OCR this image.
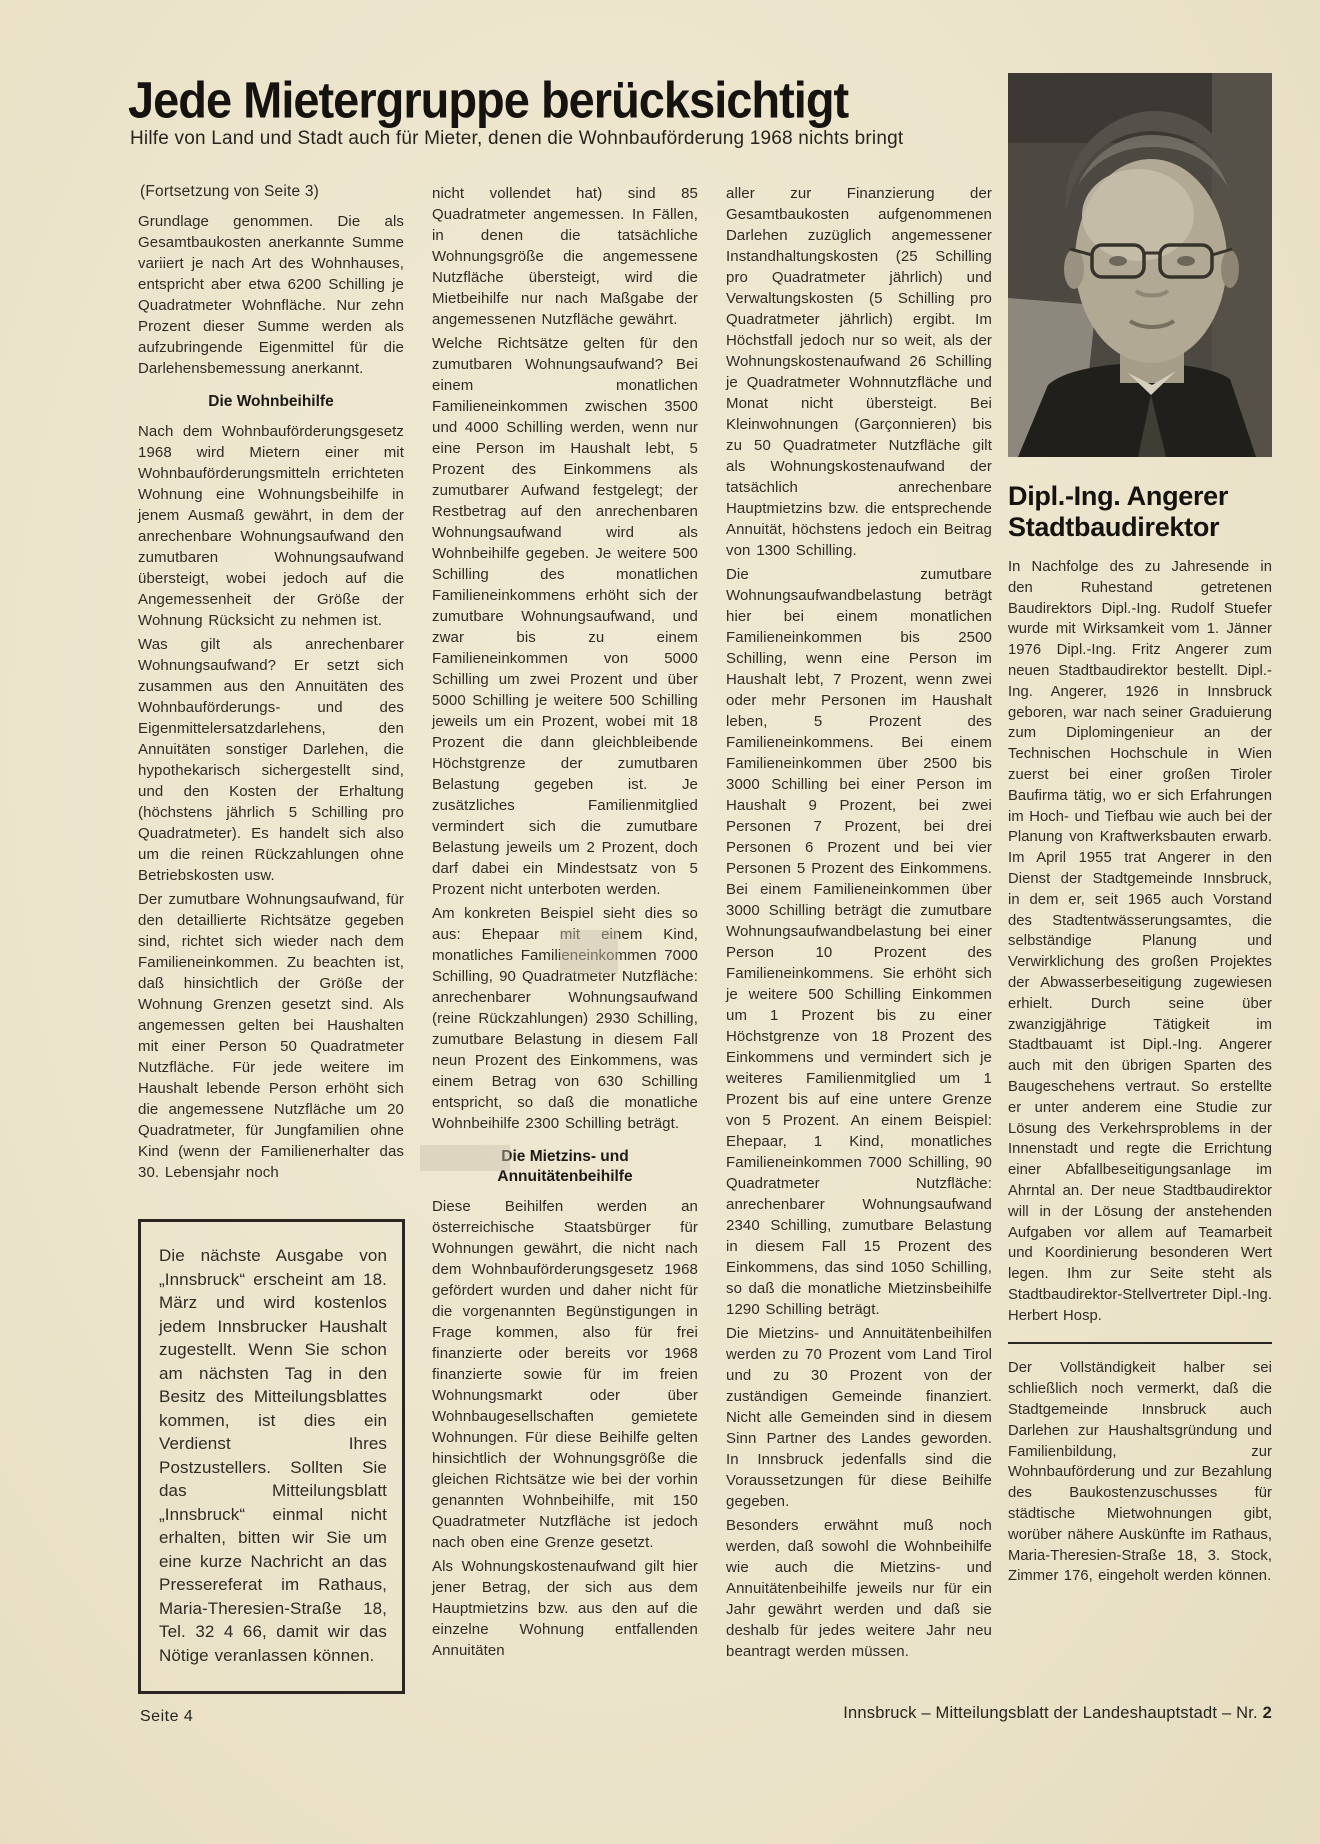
Jede Mietergruppe berücksichtigt
Hilfe von Land und Stadt auch für Mieter, denen die Wohnbauförderung 1968 nichts bringt

(Fortsetzung von Seite 3)

Grundlage genommen. Die als Gesamtbaukosten anerkannte Summe variiert je nach Art des Wohnhauses, entspricht aber etwa 6200 Schilling je Quadratmeter Wohnfläche. Nur zehn Prozent dieser Summe werden als aufzubringende Eigenmittel für die Darlehensbemessung anerkannt.

Die Wohnbeihilfe

Nach dem Wohnbauförderungsgesetz 1968 wird Mietern einer mit Wohnbauförderungsmitteln errichteten Wohnung eine Wohnungsbeihilfe in jenem Ausmaß gewährt, in dem der anrechenbare Wohnungsaufwand den zumutbaren Wohnungsaufwand übersteigt, wobei jedoch auf die Angemessenheit der Größe der Wohnung Rücksicht zu nehmen ist.

Was gilt als anrechenbarer Wohnungsaufwand? Er setzt sich zusammen aus den Annuitäten des Wohnbauförderungs- und des Eigenmittelersatzdarlehens, den Annuitäten sonstiger Darlehen, die hypothekarisch sichergestellt sind, und den Kosten der Erhaltung (höchstens jährlich 5 Schilling pro Quadratmeter). Es handelt sich also um die reinen Rückzahlungen ohne Betriebskosten usw.

Der zumutbare Wohnungsaufwand, für den detaillierte Richtsätze gegeben sind, richtet sich wieder nach dem Familieneinkommen. Zu beachten ist, daß hinsichtlich der Größe der Wohnung Grenzen gesetzt sind. Als angemessen gelten bei Haushalten mit einer Person 50 Quadratmeter Nutzfläche. Für jede weitere im Haushalt lebende Person erhöht sich die angemessene Nutzfläche um 20 Quadratmeter, für Jungfamilien ohne Kind (wenn der Familienerhalter das 30. Lebensjahr noch

Die nächste Ausgabe von „Innsbruck“ erscheint am 18. März und wird kostenlos jedem Innsbrucker Haushalt zugestellt. Wenn Sie schon am nächsten Tag in den Besitz des Mitteilungsblattes kommen, ist dies ein Verdienst Ihres Postzustellers. Sollten Sie das Mitteilungsblatt „Innsbruck“ einmal nicht erhalten, bitten wir Sie um eine kurze Nachricht an das Pressereferat im Rathaus, Maria-Theresien-Straße 18, Tel. 32 4 66, damit wir das Nötige veranlassen können.

nicht vollendet hat) sind 85 Quadratmeter angemessen. In Fällen, in denen die tatsächliche Wohnungsgröße die angemessene Nutzfläche übersteigt, wird die Mietbeihilfe nur nach Maßgabe der angemessenen Nutzfläche gewährt.

Welche Richtsätze gelten für den zumutbaren Wohnungsaufwand? Bei einem monatlichen Familieneinkommen zwischen 3500 und 4000 Schilling werden, wenn nur eine Person im Haushalt lebt, 5 Prozent des Einkommens als zumutbarer Aufwand festgelegt; der Restbetrag auf den anrechenbaren Wohnungsaufwand wird als Wohnbeihilfe gegeben. Je weitere 500 Schilling des monatlichen Familieneinkommens erhöht sich der zumutbare Wohnungsaufwand, und zwar bis zu einem Familieneinkommen von 5000 Schilling um zwei Prozent und über 5000 Schilling je weitere 500 Schilling jeweils um ein Prozent, wobei mit 18 Prozent die dann gleichbleibende Höchstgrenze der zumutbaren Belastung gegeben ist. Je zusätzliches Familienmitglied vermindert sich die zumutbare Belastung jeweils um 2 Prozent, doch darf dabei ein Mindestsatz von 5 Prozent nicht unterboten werden.

Am konkreten Beispiel sieht dies so aus: Ehepaar mit einem Kind, monatliches Familieneinkommen 7000 Schilling, 90 Quadratmeter Nutzfläche: anrechenbarer Wohnungsaufwand (reine Rückzahlungen) 2930 Schilling, zumutbare Belastung in diesem Fall neun Prozent des Einkommens, was einem Betrag von 630 Schilling entspricht, so daß die monatliche Wohnbeihilfe 2300 Schilling beträgt.

Die Mietzins- und Annuitätenbeihilfe

Diese Beihilfen werden an österreichische Staatsbürger für Wohnungen gewährt, die nicht nach dem Wohnbauförderungsgesetz 1968 gefördert wurden und daher nicht für die vorgenannten Begünstigungen in Frage kommen, also für frei finanzierte oder bereits vor 1968 finanzierte sowie für im freien Wohnungsmarkt oder über Wohnbaugesellschaften gemietete Wohnungen. Für diese Beihilfe gelten hinsichtlich der Wohnungsgröße die gleichen Richtsätze wie bei der vorhin genannten Wohnbeihilfe, mit 150 Quadratmeter Nutzfläche ist jedoch nach oben eine Grenze gesetzt.

Als Wohnungskostenaufwand gilt hier jener Betrag, der sich aus dem Hauptmietzins bzw. aus den auf die einzelne Wohnung entfallenden Annuitäten

aller zur Finanzierung der Gesamtbaukosten aufgenommenen Darlehen zuzüglich angemessener Instandhaltungskosten (25 Schilling pro Quadratmeter jährlich) und Verwaltungskosten (5 Schilling pro Quadratmeter jährlich) ergibt. Im Höchstfall jedoch nur so weit, als der Wohnungskostenaufwand 26 Schilling je Quadratmeter Wohnnutzfläche und Monat nicht übersteigt. Bei Kleinwohnungen (Garçonnieren) bis zu 50 Quadratmeter Nutzfläche gilt als Wohnungskostenaufwand der tatsächlich anrechenbare Hauptmietzins bzw. die entsprechende Annuität, höchstens jedoch ein Beitrag von 1300 Schilling.

Die zumutbare Wohnungsaufwandbelastung beträgt hier bei einem monatlichen Familieneinkommen bis 2500 Schilling, wenn eine Person im Haushalt lebt, 7 Prozent, wenn zwei oder mehr Personen im Haushalt leben, 5 Prozent des Familieneinkommens. Bei einem Familieneinkommen über 2500 bis 3000 Schilling bei einer Person im Haushalt 9 Prozent, bei zwei Personen 7 Prozent, bei drei Personen 6 Prozent und bei vier Personen 5 Prozent des Einkommens. Bei einem Familieneinkommen über 3000 Schilling beträgt die zumutbare Wohnungsaufwandbelastung bei einer Person 10 Prozent des Familieneinkommens. Sie erhöht sich je weitere 500 Schilling Einkommen um 1 Prozent bis zu einer Höchstgrenze von 18 Prozent des Einkommens und vermindert sich je weiteres Familienmitglied um 1 Prozent bis auf eine untere Grenze von 5 Prozent. An einem Beispiel: Ehepaar, 1 Kind, monatliches Familieneinkommen 7000 Schilling, 90 Quadratmeter Nutzfläche: anrechenbarer Wohnungsaufwand 2340 Schilling, zumutbare Belastung in diesem Fall 15 Prozent des Einkommens, das sind 1050 Schilling, so daß die monatliche Mietzinsbeihilfe 1290 Schilling beträgt.

Die Mietzins- und Annuitätenbeihilfen werden zu 70 Prozent vom Land Tirol und zu 30 Prozent von der zuständigen Gemeinde finanziert. Nicht alle Gemeinden sind in diesem Sinn Partner des Landes geworden. In Innsbruck jedenfalls sind die Voraussetzungen für diese Beihilfe gegeben.

Besonders erwähnt muß noch werden, daß sowohl die Wohnbeihilfe wie auch die Mietzins- und Annuitätenbeihilfe jeweils nur für ein Jahr gewährt werden und daß sie deshalb für jedes weitere Jahr neu beantragt werden müssen.

Dipl.-Ing. Angerer
Stadtbaudirektor

In Nachfolge des zu Jahresende in den Ruhestand getretenen Baudirektors Dipl.-Ing. Rudolf Stuefer wurde mit Wirksamkeit vom 1. Jänner 1976 Dipl.-Ing. Fritz Angerer zum neuen Stadtbaudirektor bestellt. Dipl.-Ing. Angerer, 1926 in Innsbruck geboren, war nach seiner Graduierung zum Diplomingenieur an der Technischen Hochschule in Wien zuerst bei einer großen Tiroler Baufirma tätig, wo er sich Erfahrungen im Hoch- und Tiefbau wie auch bei der Planung von Kraftwerksbauten erwarb. Im April 1955 trat Angerer in den Dienst der Stadtgemeinde Innsbruck, in dem er, seit 1965 auch Vorstand des Stadtentwässerungsamtes, die selbständige Planung und Verwirklichung des großen Projektes der Abwasserbeseitigung zugewiesen erhielt. Durch seine über zwanzigjährige Tätigkeit im Stadtbauamt ist Dipl.-Ing. Angerer auch mit den übrigen Sparten des Baugeschehens vertraut. So erstellte er unter anderem eine Studie zur Lösung des Verkehrsproblems in der Innenstadt und regte die Errichtung einer Abfallbeseitigungsanlage im Ahrntal an. Der neue Stadtbaudirektor will in der Lösung der anstehenden Aufgaben vor allem auf Teamarbeit und Koordinierung besonderen Wert legen. Ihm zur Seite steht als Stadtbaudirektor-Stellvertreter Dipl.-Ing. Herbert Hosp.

Der Vollständigkeit halber sei schließlich noch vermerkt, daß die Stadtgemeinde Innsbruck auch Darlehen zur Haushaltsgründung und Familienbildung, zur Wohnbauförderung und zur Bezahlung des Baukostenzuschusses für städtische Mietwohnungen gibt, worüber nähere Auskünfte im Rathaus, Maria-Theresien-Straße 18, 3. Stock, Zimmer 176, eingeholt werden können.

Seite 4	Innsbruck – Mitteilungsblatt der Landeshauptstadt – Nr. 2
